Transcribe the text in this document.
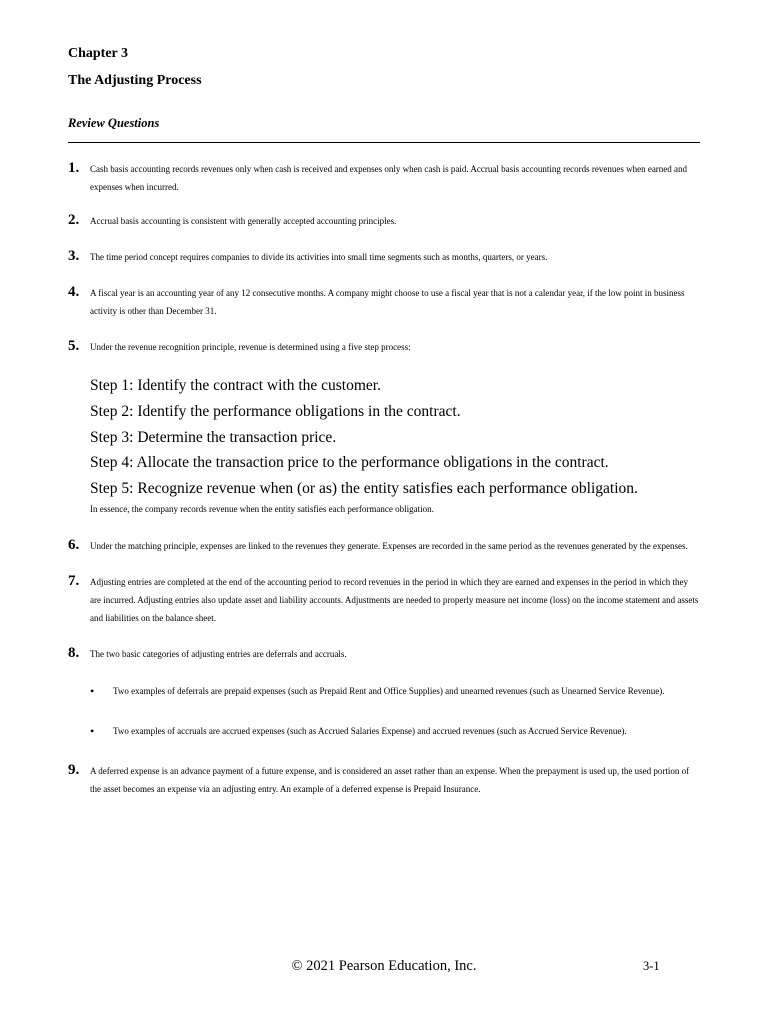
Chapter 3
The Adjusting Process
Review Questions
1. Cash basis accounting records revenues only when cash is received and expenses only when cash is paid. Accrual basis accounting records revenues when earned and expenses when incurred.
2. Accrual basis accounting is consistent with generally accepted accounting principles.
3. The time period concept requires companies to divide its activities into small time segments such as months, quarters, or years.
4. A fiscal year is an accounting year of any 12 consecutive months. A company might choose to use a fiscal year that is not a calendar year, if the low point in business activity is other than December 31.
5. Under the revenue recognition principle, revenue is determined using a five step process:
Step 1: Identify the contract with the customer.
Step 2: Identify the performance obligations in the contract.
Step 3: Determine the transaction price.
Step 4: Allocate the transaction price to the performance obligations in the contract.
Step 5: Recognize revenue when (or as) the entity satisfies each performance obligation.
In essence, the company records revenue when the entity satisfies each performance obligation.
6. Under the matching principle, expenses are linked to the revenues they generate. Expenses are recorded in the same period as the revenues generated by the expenses.
7. Adjusting entries are completed at the end of the accounting period to record revenues in the period in which they are earned and expenses in the period in which they are incurred. Adjusting entries also update asset and liability accounts. Adjustments are needed to properly measure net income (loss) on the income statement and assets and liabilities on the balance sheet.
8. The two basic categories of adjusting entries are deferrals and accruals.
• Two examples of deferrals are prepaid expenses (such as Prepaid Rent and Office Supplies) and unearned revenues (such as Unearned Service Revenue).
• Two examples of accruals are accrued expenses (such as Accrued Salaries Expense) and accrued revenues (such as Accrued Service Revenue).
9. A deferred expense is an advance payment of a future expense, and is considered an asset rather than an expense. When the prepayment is used up, the used portion of the asset becomes an expense via an adjusting entry. An example of a deferred expense is Prepaid Insurance.
© 2021 Pearson Education, Inc.	3-1
